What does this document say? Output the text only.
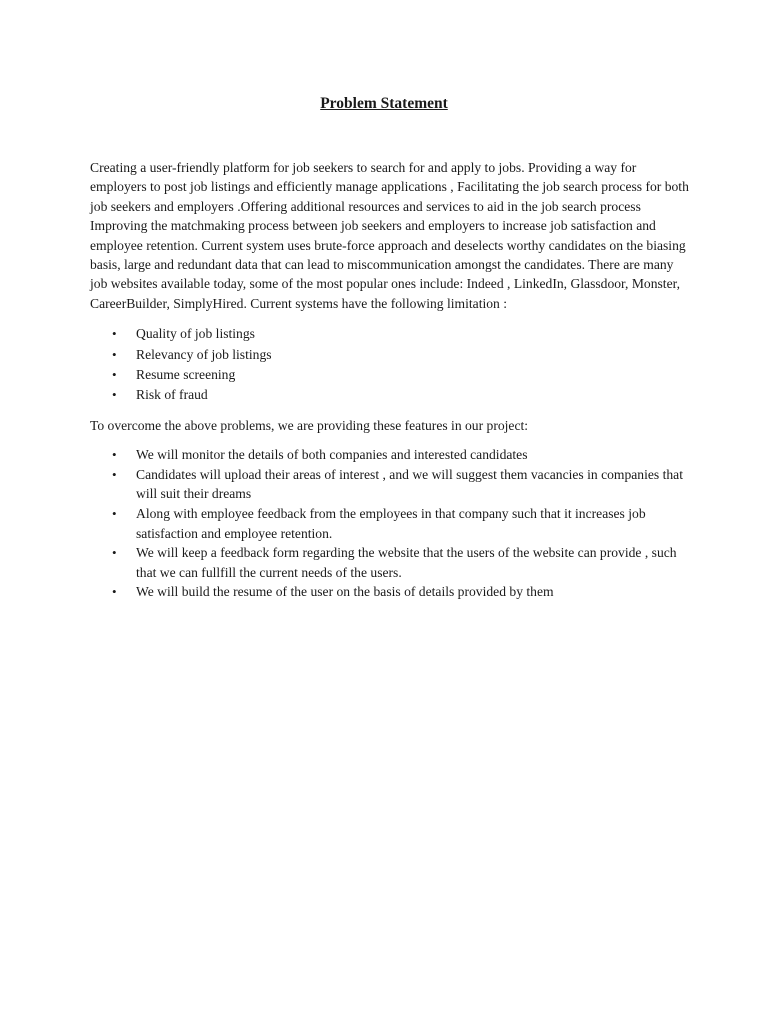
Problem Statement

Creating a user-friendly platform for job seekers to search for and apply to jobs. Providing a way for employers to post job listings and efficiently manage applications , Facilitating the job search process for both job seekers and employers .Offering additional resources and services to aid in the job search process Improving the matchmaking process between job seekers and employers to increase job satisfaction and employee retention. Current system uses brute-force approach and deselects worthy candidates on the biasing basis, large and redundant data that can lead to miscommunication amongst the candidates. There are many job websites available today, some of the most popular ones include: Indeed , LinkedIn, Glassdoor, Monster, CareerBuilder, SimplyHired. Current systems have the following limitation :

• Quality of job listings
• Relevancy of job listings
• Resume screening
• Risk of fraud

To overcome the above problems, we are providing these features in our project:

• We will monitor the details of both companies and interested candidates
• Candidates will upload their areas of interest , and we will suggest them vacancies in companies that will suit their dreams
• Along with employee feedback from the employees in that company such that it increases job satisfaction and employee retention.
• We will keep a feedback form regarding the website that the users of the website can provide , such that we can fullfill the current needs of the users.
• We will build the resume of the user on the basis of details provided by them
